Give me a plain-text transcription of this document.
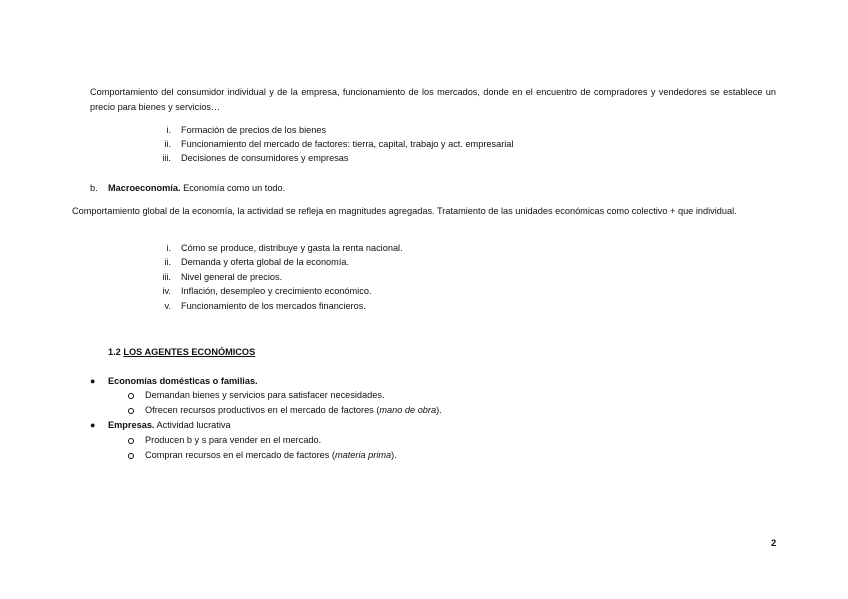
Comportamiento del consumidor individual y de la empresa, funcionamiento de los mercados, donde en el encuentro de compradores y vendedores se establece un precio para bienes y servicios…
i. Formación de precios de los bienes
ii. Funcionamiento del mercado de factores: tierra, capital, trabajo y act. empresarial
iii. Decisiones de consumidores y empresas
b. Macroeconomía. Economía como un todo.
Comportamiento global de la economía, la actividad se refleja en magnitudes agregadas. Tratamiento de las unidades económicas como colectivo + que individual.
i. Cómo se produce, distribuye y gasta la renta nacional.
ii. Demanda y oferta global de la economía.
iii. Nivel general de precios.
iv. Inflación, desempleo y crecimiento económico.
v. Funcionamiento de los mercados financieros.
1.2 LOS AGENTES ECONÓMICOS
● Economías domésticas o familias.
Demandan bienes y servicios para satisfacer necesidades.
Ofrecen recursos productivos en el mercado de factores (mano de obra).
● Empresas. Actividad lucrativa
Producen b y s para vender en el mercado.
Compran recursos en el mercado de factores (materia prima).
2
